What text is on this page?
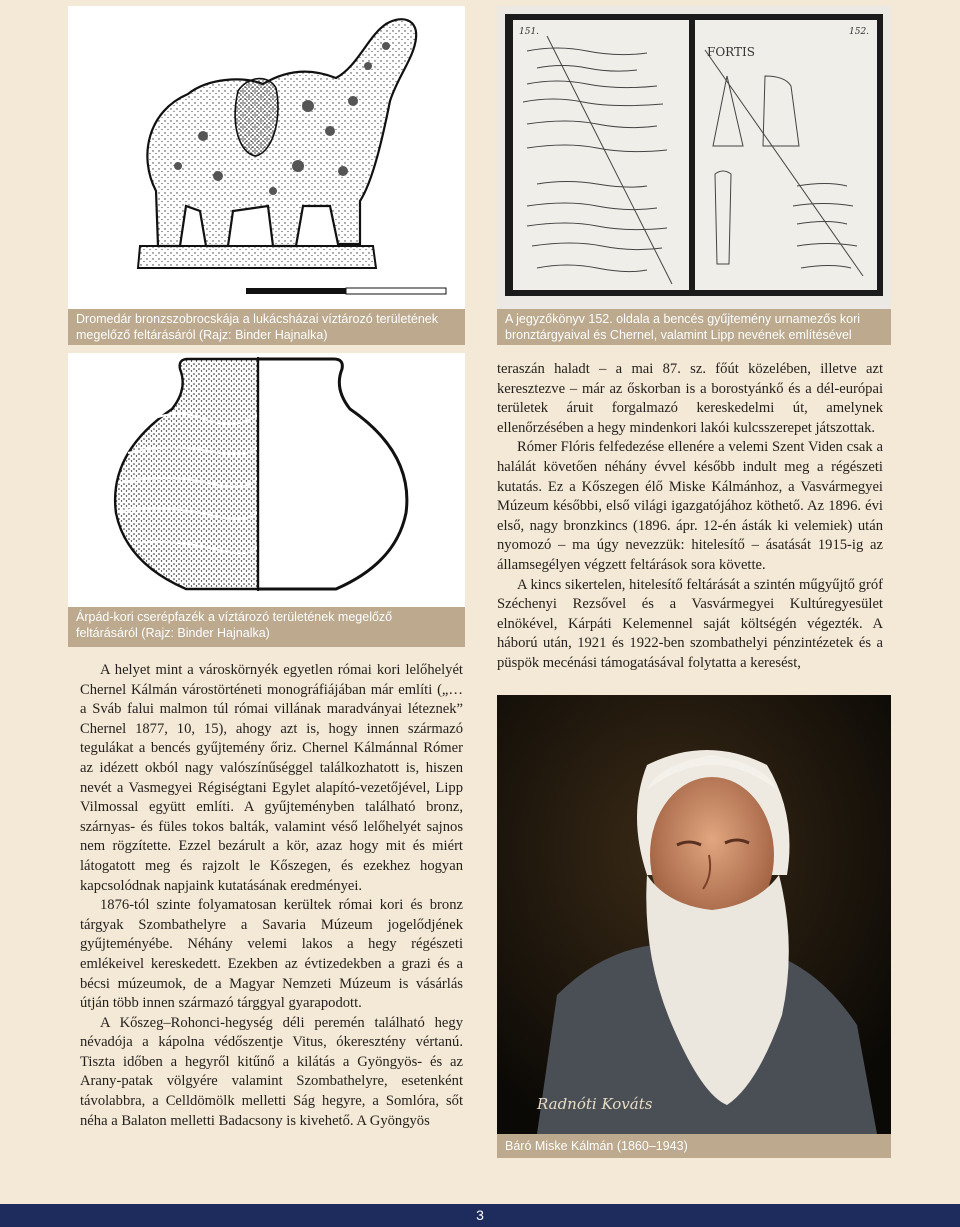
Dromedár bronzszobrocskája a lukácsházai víztározó területének megelőző feltárásáról (Rajz: Binder Hajnalka)
151.	152.
FORTIS
A jegyzőkönyv 152. oldala a bencés gyűjtemény urnamezős kori bronztárgyaival és Chernel, valamint Lipp nevének említésével
Árpád-kori cserépfazék a víztározó területének megelőző feltárásáról (Rajz: Binder Hajnalka)

A helyet mint a városkörnyék egyetlen római kori lelőhelyét Chernel Kálmán várostörténeti monográfiájában már említi („… a Sváb falui malmon túl római villának maradványai léteznek” Chernel 1877, 10, 15), ahogy azt is, hogy innen származó tegulákat a bencés gyűjtemény őriz. Chernel Kálmánnal Rómer az idézett okból nagy valószínűséggel találkozhatott is, hiszen nevét a Vasmegyei Régiségtani Egylet alapító-vezetőjével, Lipp Vilmossal együtt említi. A gyűjteményben található bronz, szárnyas- és füles tokos balták, valamint véső lelőhelyét sajnos nem rögzítette. Ezzel bezárult a kör, azaz hogy mit és miért látogatott meg és rajzolt le Kőszegen, és ezekhez hogyan kapcsolódnak napjaink kutatásának eredményei.

1876-tól szinte folyamatosan kerültek római kori és bronz tárgyak Szombathelyre a Savaria Múzeum jogelődjének gyűjteményébe. Néhány velemi lakos a hegy régészeti emlékeivel kereskedett. Ezekben az évtizedekben a grazi és a bécsi múzeumok, de a Magyar Nemzeti Múzeum is vásárlás útján több innen származó tárggyal gyarapodott.

A Kőszeg–Rohonci-hegység déli peremén található hegy névadója a kápolna védőszentje Vitus, ókeresztény vértanú. Tiszta időben a hegyről kitűnő a kilátás a Gyöngyös- és az Arany-patak völgyére valamint Szombathelyre, esetenként távolabbra, a Celldömölk melletti Ság hegyre, a Somlóra, sőt néha a Balaton melletti Badacsony is kivehető. A Gyöngyös

teraszán haladt – a mai 87. sz. főút közelében, illetve azt keresztezve – már az őskorban is a borostyánkő és a dél-európai területek áruit forgalmazó kereskedelmi út, amelynek ellenőrzésében a hegy mindenkori lakói kulcsszerepet játszottak.

Rómer Flóris felfedezése ellenére a velemi Szent Viden csak a halálát követően néhány évvel később indult meg a régészeti kutatás. Ez a Kőszegen élő Miske Kálmánhoz, a Vasvármegyei Múzeum későbbi, első világi igazgatójához köthető. Az 1896. évi első, nagy bronzkincs (1896. ápr. 12-én ásták ki velemiek) után nyomozó – ma úgy nevezzük: hitelesítő – ásatását 1915-ig az államsegélyen végzett feltárások sora követte.

A kincs sikertelen, hitelesítő feltárását a szintén műgyűjtő gróf Széchenyi Rezsővel és a Vasvármegyei Kultúregyesület elnökével, Kárpáti Kelemennel saját költségén végezték. A háború után, 1921 és 1922-ben szombathelyi pénzintézetek és a püspök mecénási támogatásával folytatta a keresést,

Radnóti Kováts
Báró Miske Kálmán (1860–1943)
3
